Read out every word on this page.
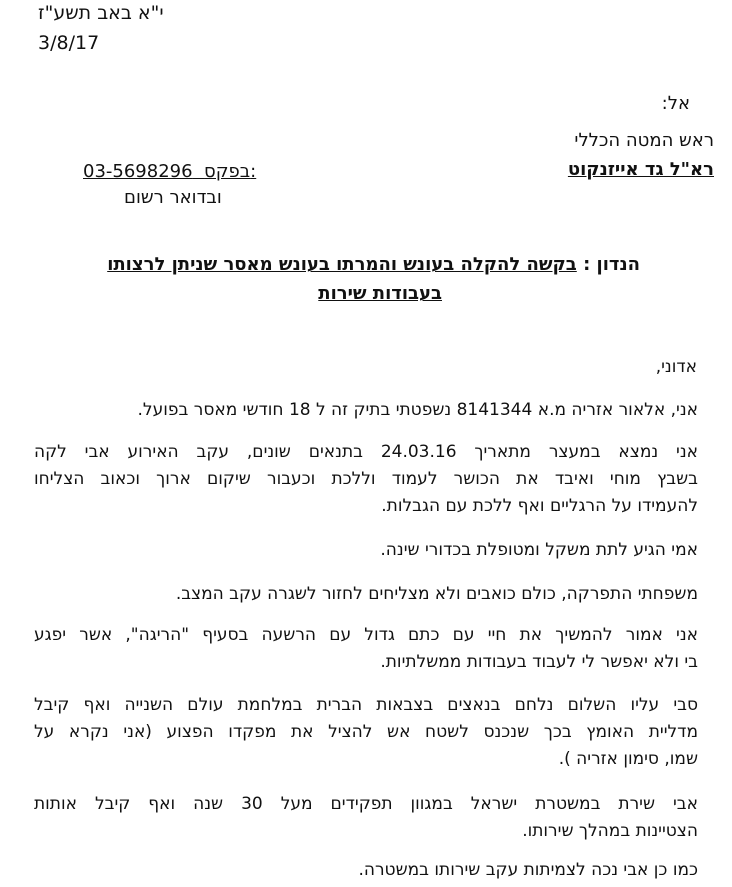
י"א באב תשע"ז
3/8/17
אל:
ראש המטה הכללי
רא"ל גד אייזנקוט
03-5698296 בפקס:
ובדואר רשום
הנדון : בקשה להקלה בעונש והמרתו בעונש מאסר שניתן לרצותו
בעבודות שירות
אדוני,
אני, אלאור אזריה מ.א 8141344 נשפטתי בתיק זה ל 18 חודשי מאסר בפועל.
אני נמצא במעצר מתאריך 24.03.16 בתנאים שונים, עקב האירוע אבי לקה
בשבץ מוחי ואיבד את הכושר לעמוד וללכת וכעבור שיקום ארוך וכאוב הצליחו
להעמידו על הרגליים ואף ללכת עם הגבלות.
אמי הגיע לתת משקל ומטופלת בכדורי שינה.
משפחתי התפרקה, כולם כואבים ולא מצליחים לחזור לשגרה עקב המצב.
אני אמור להמשיך את חיי עם כתם גדול עם הרשעה בסעיף "הריגה", אשר יפגע
בי ולא יאפשר לי לעבוד בעבודות ממשלתיות.
סבי עליו השלום נלחם בנאצים בצבאות הברית במלחמת עולם השנייה ואף קיבל
מדליית האומץ בכך שנכנס לשטח אש להציל את מפקדו הפצוע (אני נקרא על
שמו, סימון אזריה ).
אבי שירת במשטרת ישראל במגוון תפקידים מעל 30 שנה ואף קיבל אותות
הצטיינות במהלך שירותו.
כמו כן אבי נכה לצמיתות עקב שירותו במשטרה.
